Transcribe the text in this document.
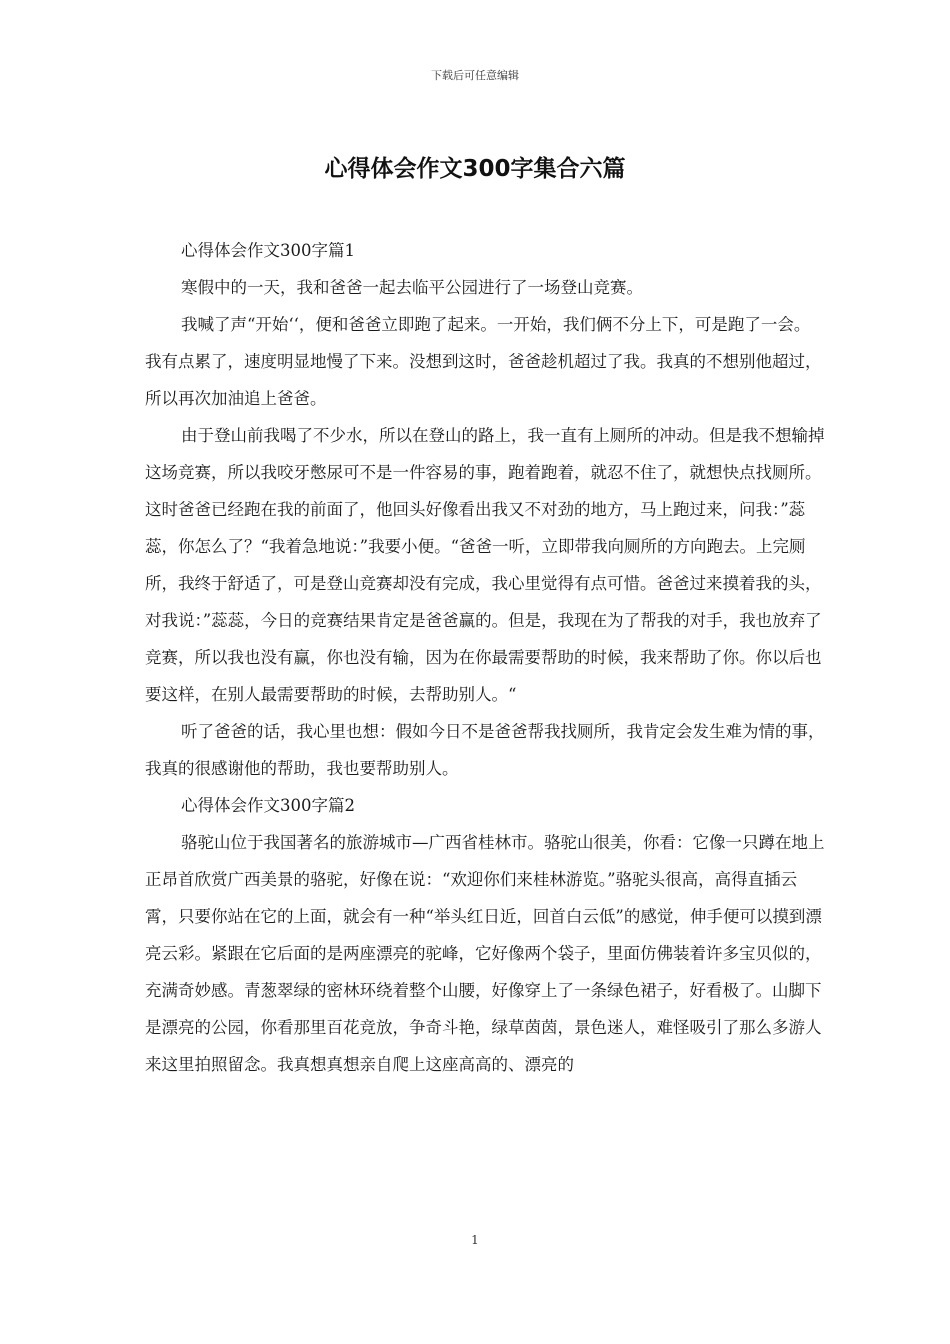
下载后可任意编辑
心得体会作文300字集合六篇

心得体会作文300字篇1

寒假中的一天，我和爸爸一起去临平公园进行了一场登山竞赛。

我喊了声“开始‘‘，便和爸爸立即跑了起来。一开始，我们俩不分上下，可是跑了一会。我有点累了，速度明显地慢了下来。没想到这时，爸爸趁机超过了我。我真的不想别他超过，所以再次加油追上爸爸。

由于登山前我喝了不少水，所以在登山的路上，我一直有上厕所的冲动。但是我不想输掉这场竞赛，所以我咬牙憋尿可不是一件容易的事，跑着跑着，就忍不住了，就想快点找厕所。这时爸爸已经跑在我的前面了，他回头好像看出我又不对劲的地方，马上跑过来，问我：”蕊蕊，你怎么了？“我着急地说：”我要小便。“爸爸一听，立即带我向厕所的方向跑去。上完厕所，我终于舒适了，可是登山竞赛却没有完成，我心里觉得有点可惜。爸爸过来摸着我的头，对我说：”蕊蕊，今日的竞赛结果肯定是爸爸赢的。但是，我现在为了帮我的对手，我也放弃了竞赛，所以我也没有赢，你也没有输，因为在你最需要帮助的时候，我来帮助了你。你以后也要这样，在别人最需要帮助的时候，去帮助别人。“

听了爸爸的话，我心里也想：假如今日不是爸爸帮我找厕所，我肯定会发生难为情的事，我真的很感谢他的帮助，我也要帮助别人。

心得体会作文300字篇2

骆驼山位于我国著名的旅游城市—广西省桂林市。骆驼山很美，你看：它像一只蹲在地上正昂首欣赏广西美景的骆驼，好像在说：“欢迎你们来桂林游览。”骆驼头很高，高得直插云霄，只要你站在它的上面，就会有一种“举头红日近，回首白云低”的感觉，伸手便可以摸到漂亮云彩。紧跟在它后面的是两座漂亮的驼峰，它好像两个袋子，里面仿佛装着许多宝贝似的，充满奇妙感。青葱翠绿的密林环绕着整个山腰，好像穿上了一条绿色裙子，好看极了。山脚下是漂亮的公园，你看那里百花竞放，争奇斗艳，绿草茵茵，景色迷人，难怪吸引了那么多游人来这里拍照留念。我真想真想亲自爬上这座高高的、漂亮的

1
